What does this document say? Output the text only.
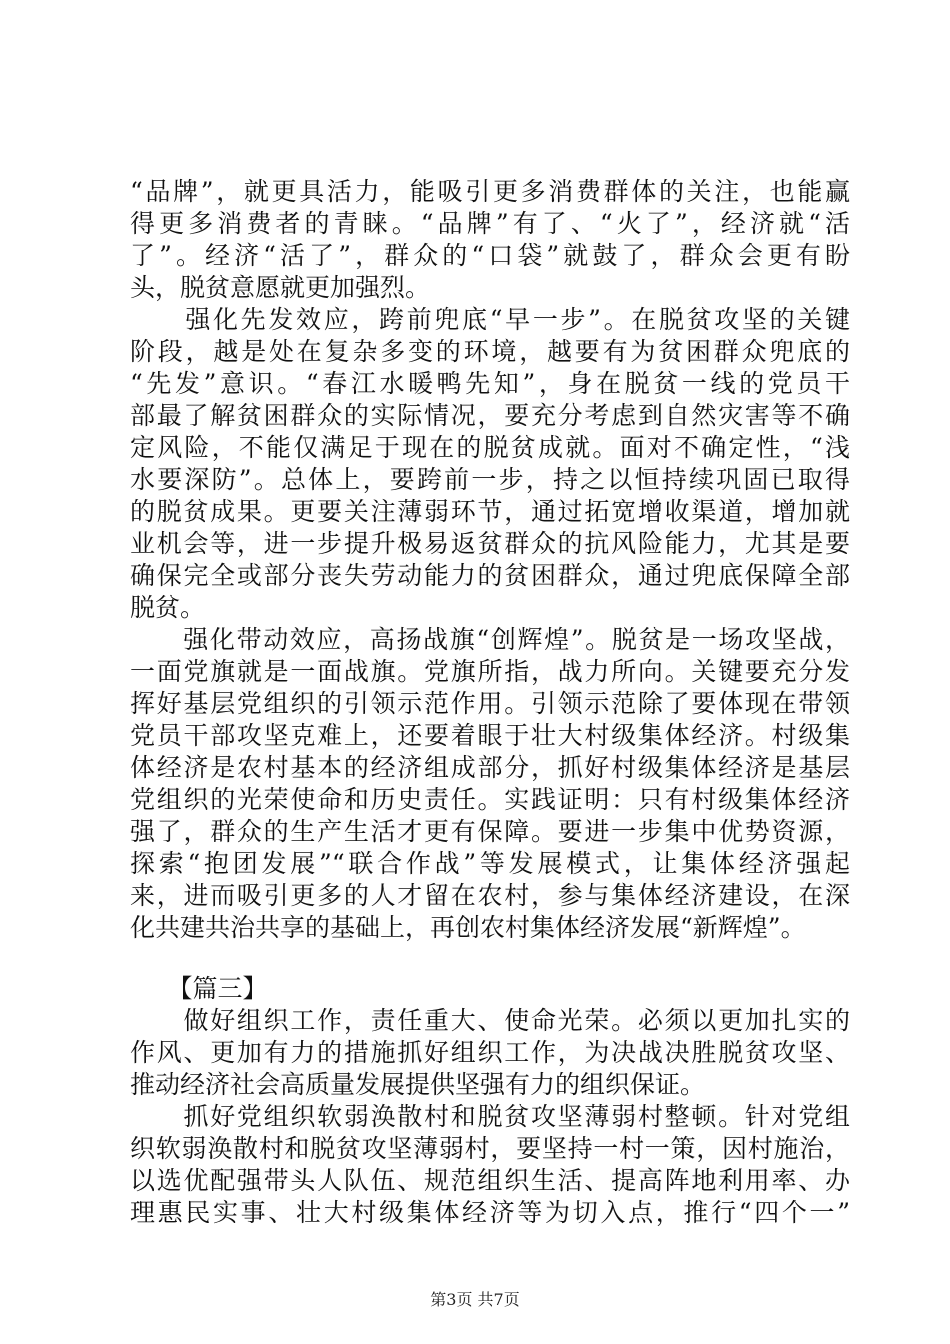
“品牌”，就更具活力，能吸引更多消费群体的关注，也能赢
得更多消费者的青睐。“品牌”有了、“火了”，经济就“活
了”。经济“活了”，群众的“口袋”就鼓了，群众会更有盼
头，脱贫意愿就更加强烈。
　　强化先发效应，跨前兜底“早一步”。在脱贫攻坚的关键
阶段，越是处在复杂多变的环境，越要有为贫困群众兜底的
“先发”意识。“春江水暖鸭先知”，身在脱贫一线的党员干
部最了解贫困群众的实际情况，要充分考虑到自然灾害等不确
定风险，不能仅满足于现在的脱贫成就。面对不确定性，“浅
水要深防”。总体上，要跨前一步，持之以恒持续巩固已取得
的脱贫成果。更要关注薄弱环节，通过拓宽增收渠道，增加就
业机会等，进一步提升极易返贫群众的抗风险能力，尤其是要
确保完全或部分丧失劳动能力的贫困群众，通过兜底保障全部
脱贫。
　　强化带动效应，高扬战旗“创辉煌”。脱贫是一场攻坚战，
一面党旗就是一面战旗。党旗所指，战力所向。关键要充分发
挥好基层党组织的引领示范作用。引领示范除了要体现在带领
党员干部攻坚克难上，还要着眼于壮大村级集体经济。村级集
体经济是农村基本的经济组成部分，抓好村级集体经济是基层
党组织的光荣使命和历史责任。实践证明：只有村级集体经济
强了，群众的生产生活才更有保障。要进一步集中优势资源，
探索“抱团发展”“联合作战”等发展模式，让集体经济强起
来，进而吸引更多的人才留在农村，参与集体经济建设，在深
化共建共治共享的基础上，再创农村集体经济发展“新辉煌”。
　　【篇三】
　　做好组织工作，责任重大、使命光荣。必须以更加扎实的
作风、更加有力的措施抓好组织工作，为决战决胜脱贫攻坚、
推动经济社会高质量发展提供坚强有力的组织保证。
　　抓好党组织软弱涣散村和脱贫攻坚薄弱村整顿。针对党组
织软弱涣散村和脱贫攻坚薄弱村，要坚持一村一策，因村施治，
以选优配强带头人队伍、规范组织生活、提高阵地利用率、办
理惠民实事、壮大村级集体经济等为切入点，推行“四个一”
第3页 共7页
